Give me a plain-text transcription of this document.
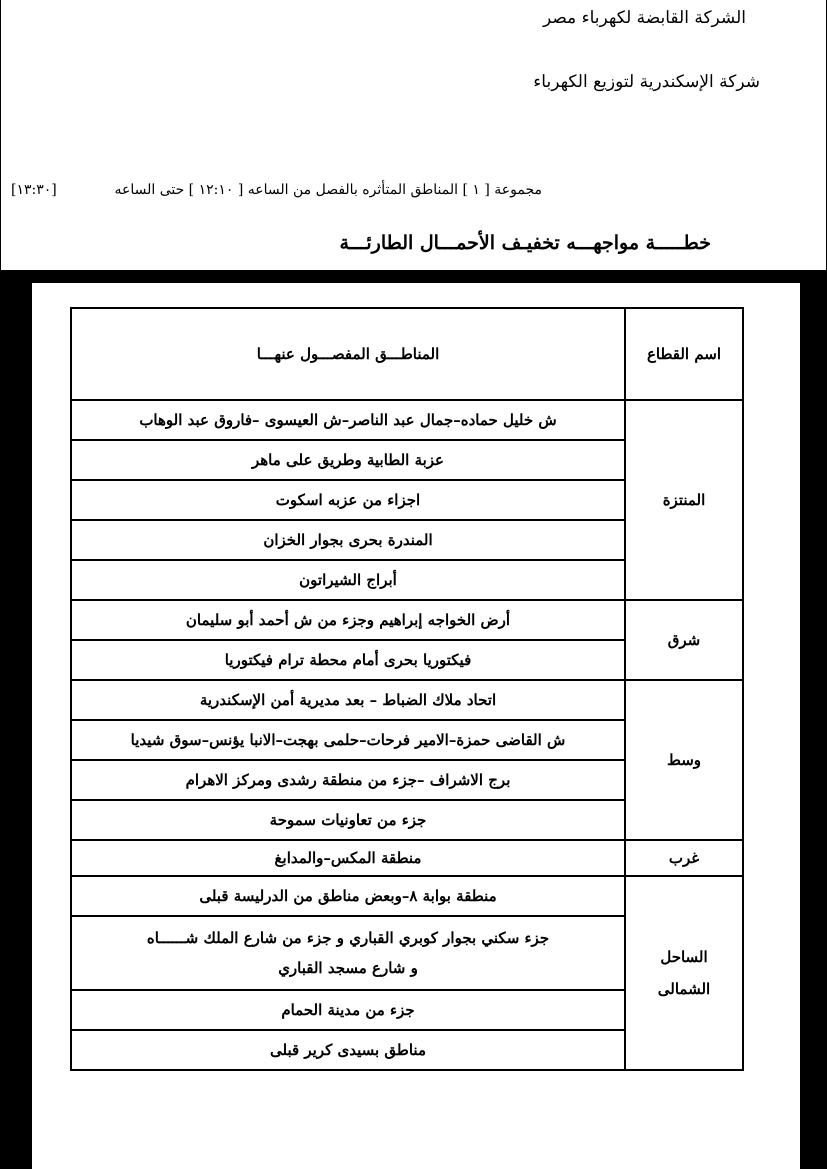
الشركة القابضة لكهرباء مصر
شركة الإسكندرية لتوزيع الكهرباء
مجموعة [ ١ ] المناطق المتأثره بالفصل من الساعه [ ١٢:١٠ ] حتى الساعه
[١٣:٣٠]
خطـــــة مواجهـــه تخفيـف الأحمـــال الطارئـــة
اسم القطاع	المناطـــق المفصـــول عنهـــا
المنتزة	ش خليل حماده–جمال عبد الناصر–ش العيسوى –فاروق عبد الوهاب
	عزبة الطابية وطريق على ماهر
	اجزاء من عزبه اسكوت
	المندرة بحرى بجوار الخزان
	أبراج الشيراتون
شرق	أرض الخواجه إبراهيم وجزء من ش أحمد أبو سليمان
	فيكتوريا بحرى أمام محطة ترام فيكتوريا
وسط	اتحاد ملاك الضباط – بعد مديرية أمن الإسكندرية
	ش القاضى حمزة–الامير فرحات–حلمى بهجت–الانبا يؤنس–سوق شيديا
	برج الاشراف –جزء من منطقة رشدى ومركز الاهرام
	جزء من تعاونيات سموحة
غرب	منطقة المكس–والمدابغ
الساحل
الشمالى	منطقة بوابة ٨–وبعض مناطق من الدرليسة قبلى
	جزء سكني بجوار كوبري القباري و جزء من شارع الملك شــــــاه
و شارع مسجد القباري
	جزء من مدينة الحمام
	مناطق بسيدى كرير قبلى
